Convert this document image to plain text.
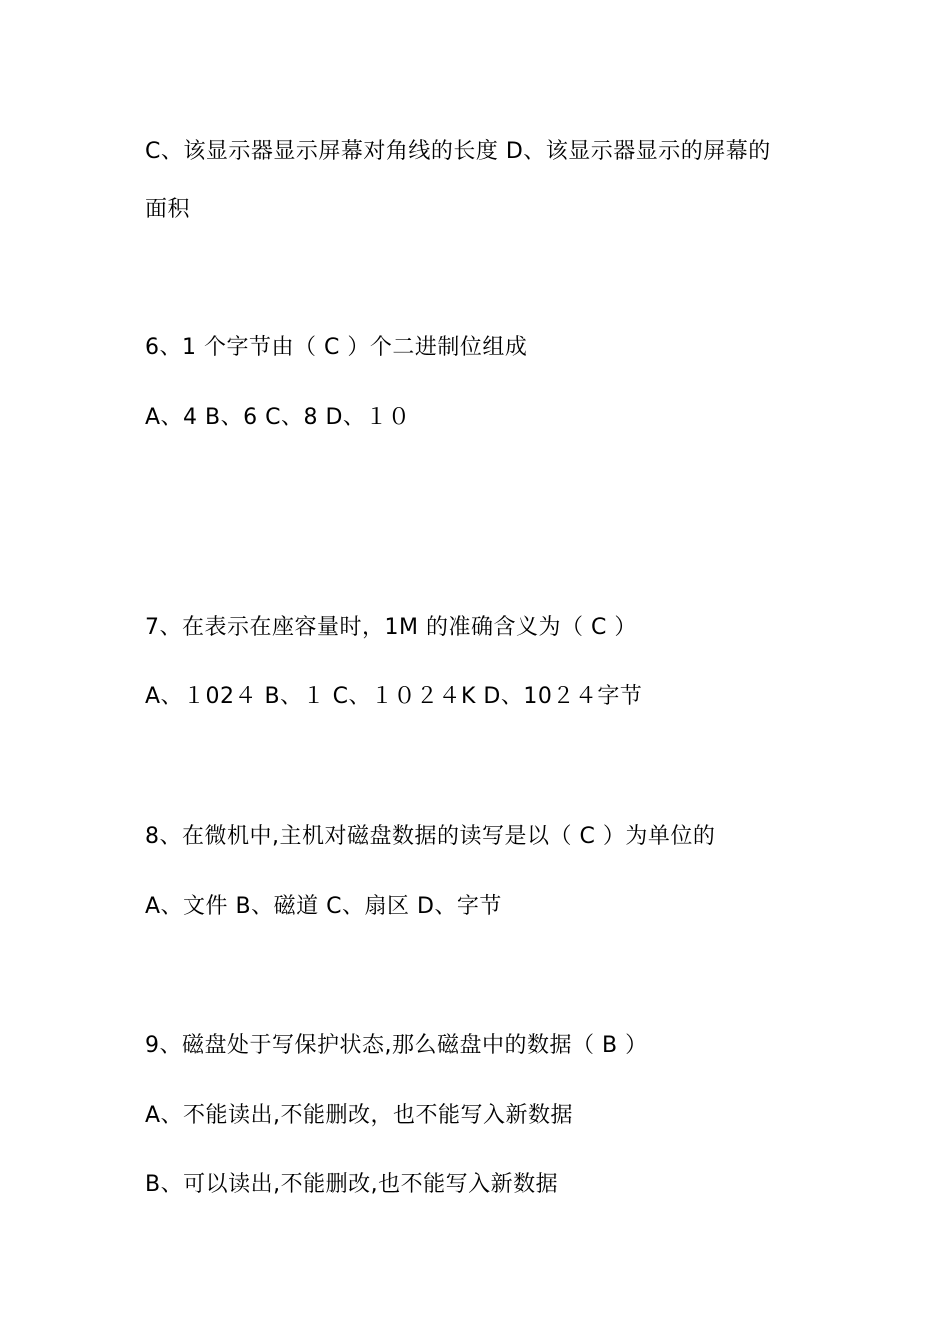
C、该显示器显示屏幕对角线的长度 D、该显示器显示的屏幕的
面积
6、1 个字节由（ C ）个二进制位组成
A、4 B、6 C、8 D、１０
7、在表示在座容量时，1M 的准确含义为（ C ）
A、１02４ B、１ C、１０２４K D、10２４字节
8、在微机中,主机对磁盘数据的读写是以（ C ）为单位的
A、文件 B、磁道 C、扇区 D、字节
9、磁盘处于写保护状态,那么磁盘中的数据（ B ）
A、不能读出,不能删改，也不能写入新数据
B、可以读出,不能删改,也不能写入新数据
